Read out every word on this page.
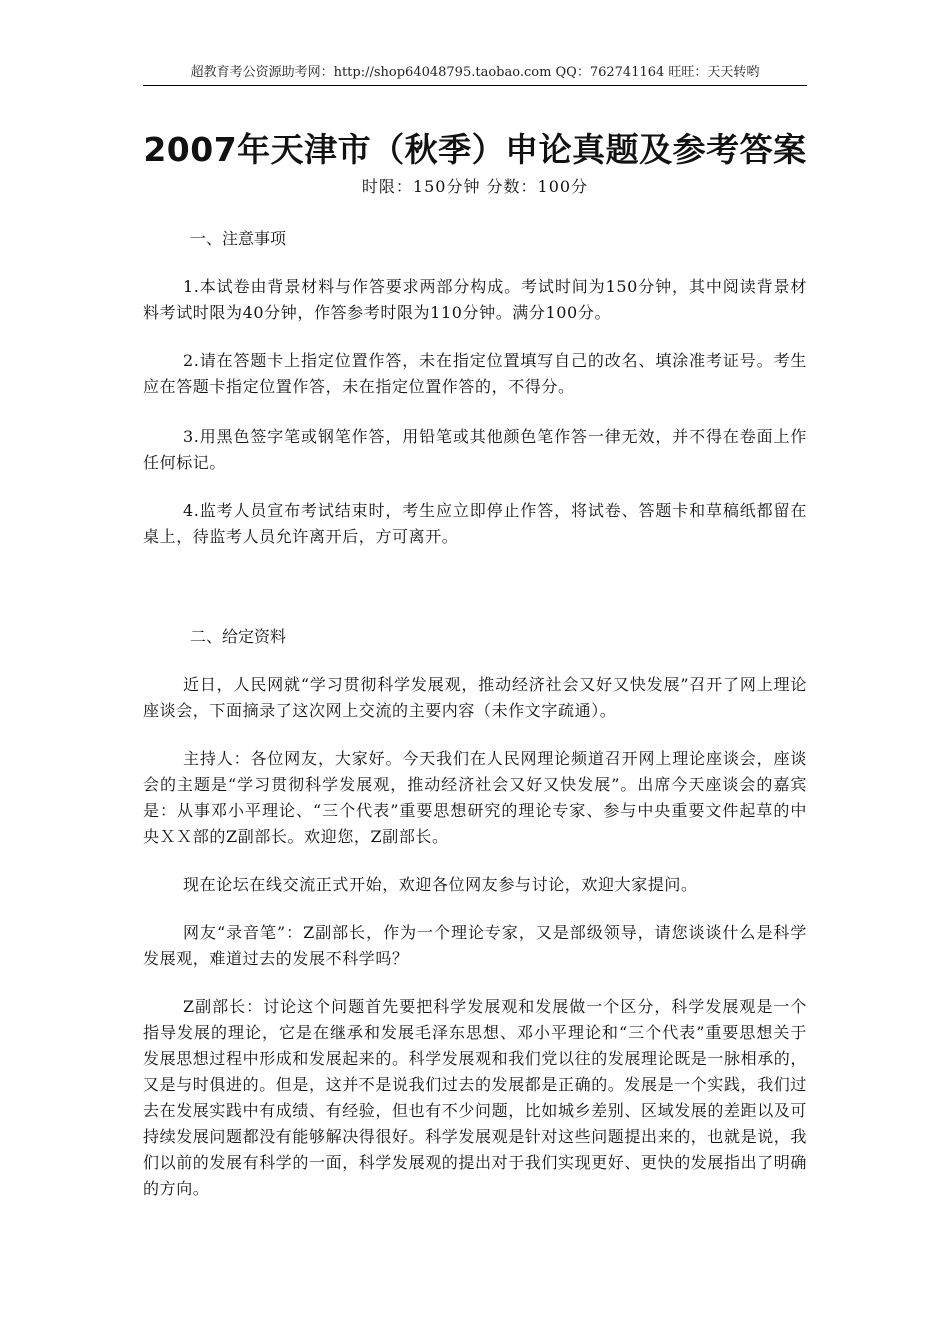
超教育考公资源助考网：http://shop64048795.taobao.com QQ：762741164 旺旺：天天转哟
2007年天津市（秋季）申论真题及参考答案
时限：150分钟 分数：100分
一、注意事项

1.本试卷由背景材料与作答要求两部分构成。考试时间为150分钟，其中阅读背景材料考试时限为40分钟，作答参考时限为110分钟。满分100分。

2.请在答题卡上指定位置作答，未在指定位置填写自己的改名、填涂准考证号。考生应在答题卡指定位置作答，未在指定位置作答的，不得分。

3.用黑色签字笔或钢笔作答，用铅笔或其他颜色笔作答一律无效，并不得在卷面上作任何标记。

4.监考人员宣布考试结束时，考生应立即停止作答，将试卷、答题卡和草稿纸都留在桌上，待监考人员允许离开后，方可离开。

二、给定资料

近日，人民网就“学习贯彻科学发展观，推动经济社会又好又快发展”召开了网上理论座谈会，下面摘录了这次网上交流的主要内容（未作文字疏通）。

主持人：各位网友，大家好。今天我们在人民网理论频道召开网上理论座谈会，座谈会的主题是“学习贯彻科学发展观，推动经济社会又好又快发展”。出席今天座谈会的嘉宾是：从事邓小平理论、“三个代表”重要思想研究的理论专家、参与中央重要文件起草的中央ＸＸ部的Z副部长。欢迎您，Z副部长。

现在论坛在线交流正式开始，欢迎各位网友参与讨论，欢迎大家提问。

网友“录音笔”：Z副部长，作为一个理论专家，又是部级领导，请您谈谈什么是科学发展观，难道过去的发展不科学吗？

Z副部长：讨论这个问题首先要把科学发展观和发展做一个区分，科学发展观是一个指导发展的理论，它是在继承和发展毛泽东思想、邓小平理论和“三个代表”重要思想关于发展思想过程中形成和发展起来的。科学发展观和我们党以往的发展理论既是一脉相承的，又是与时俱进的。但是，这并不是说我们过去的发展都是正确的。发展是一个实践，我们过去在发展实践中有成绩、有经验，但也有不少问题，比如城乡差别、区域发展的差距以及可持续发展问题都没有能够解决得很好。科学发展观是针对这些问题提出来的，也就是说，我们以前的发展有科学的一面，科学发展观的提出对于我们实现更好、更快的发展指出了明确的方向。
